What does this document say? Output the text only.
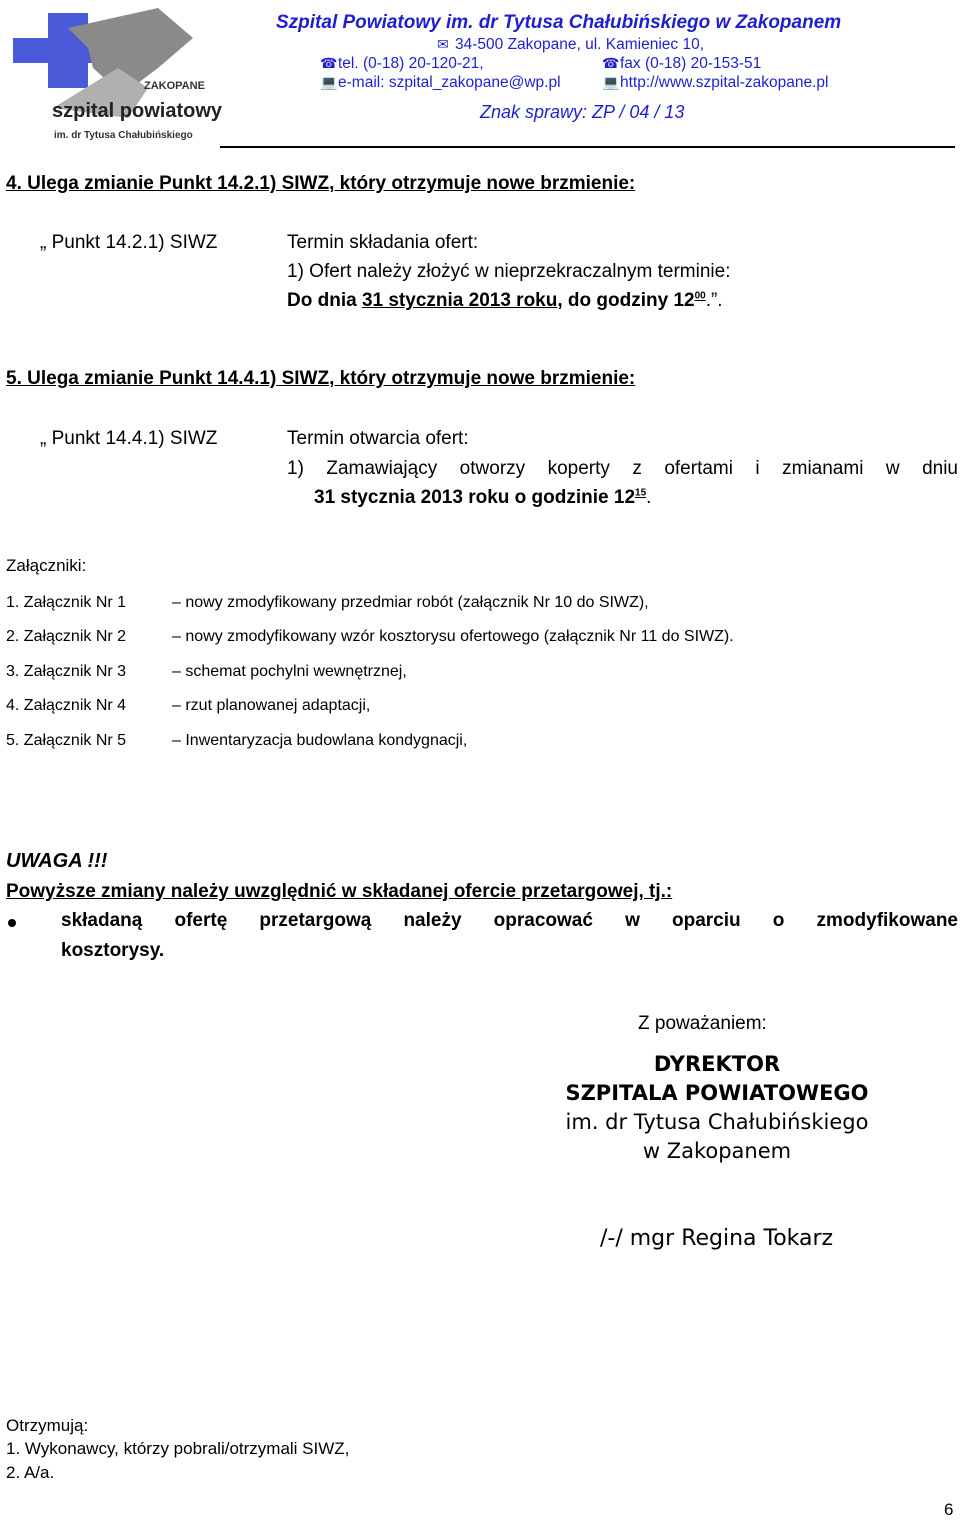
ZAKOPANE
szpital powiatowy
im. dr Tytusa Chałubińskiego
Szpital Powiatowy im. dr Tytusa Chałubińskiego w Zakopanem
✉ 34-500 Zakopane, ul. Kamieniec 10,
☎tel. (0-18) 20-120-21,	☎fax (0-18) 20-153-51
💻e-mail: szpital_zakopane@wp.pl	💻http://www.szpital-zakopane.pl
Znak sprawy: ZP / 04 / 13
4. Ulega zmianie Punkt 14.2.1) SIWZ, który otrzymuje nowe brzmienie:
„ Punkt 14.2.1) SIWZ	Termin składania ofert:
1) Ofert należy złożyć w nieprzekraczalnym terminie:
Do dnia 31 stycznia 2013 roku, do godziny $12^{00}$.”.
5. Ulega zmianie Punkt 14.4.1) SIWZ, który otrzymuje nowe brzmienie:
„ Punkt 14.4.1) SIWZ	Termin otwarcia ofert:
1) Zamawiający otworzy koperty z ofertami i zmianami w dniu
31 stycznia 2013 roku o godzinie $12^{15}$.
Załączniki:
1. Załącznik Nr 1	– nowy zmodyfikowany przedmiar robót (załącznik Nr 10 do SIWZ),
2. Załącznik Nr 2	– nowy zmodyfikowany wzór kosztorysu ofertowego (załącznik Nr 11 do SIWZ).
3. Załącznik Nr 3	– schemat pochylni wewnętrznej,
4. Załącznik Nr 4	– rzut planowanej adaptacji,
5. Załącznik Nr 5	– Inwentaryzacja budowlana kondygnacji,
UWAGA !!!
Powyższe zmiany należy uwzględnić w składanej ofercie przetargowej, tj.:
składaną ofertę przetargową należy opracować w oparciu o zmodyfikowane
kosztorysy.
Z poważaniem:
DYREKTOR
SZPITALA POWIATOWEGO
im. dr Tytusa Chałubińskiego
w Zakopanem
/-/ mgr Regina Tokarz
Otrzymują:
1. Wykonawcy, którzy pobrali/otrzymali SIWZ,
2. A/a.
6
